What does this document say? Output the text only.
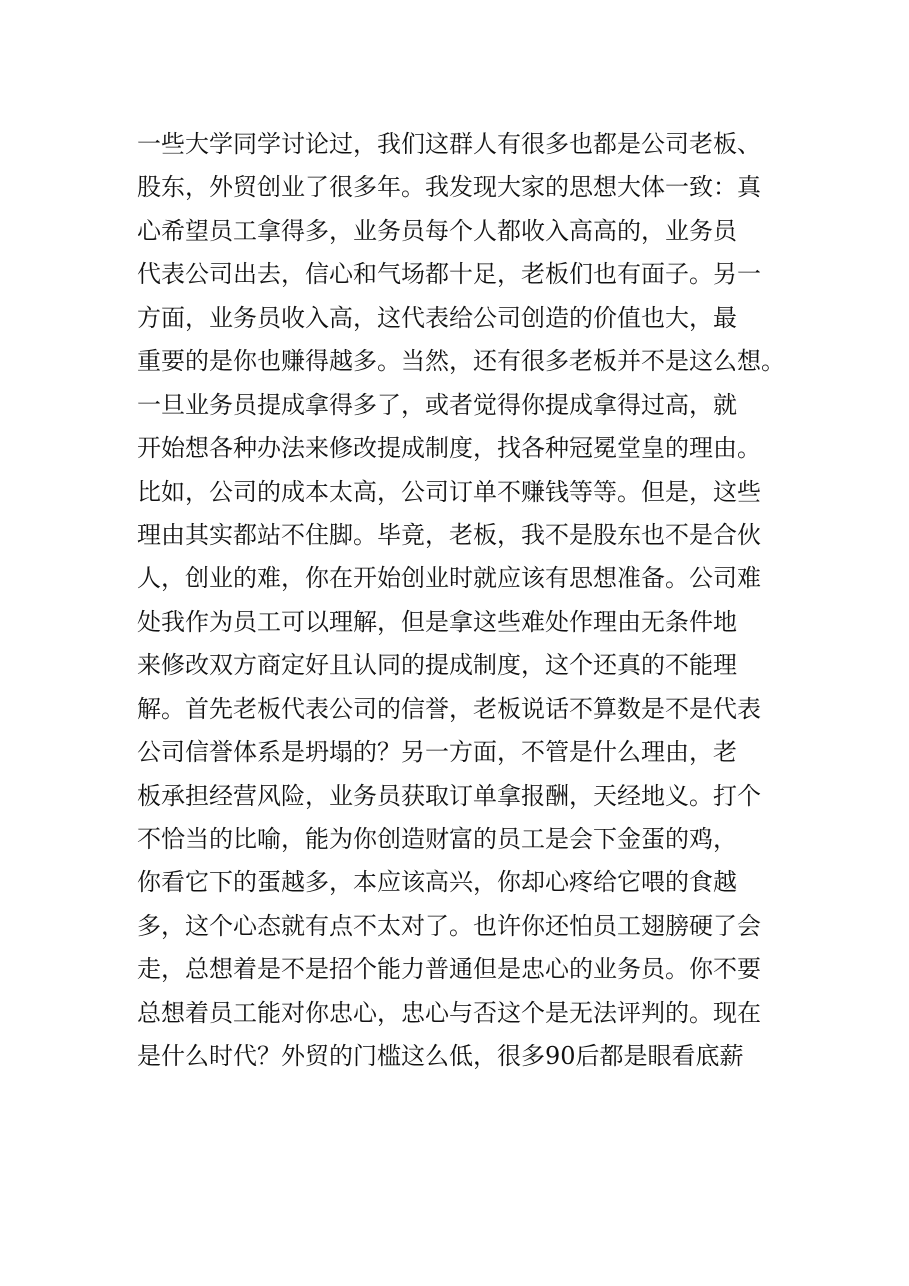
一些大学同学讨论过，我们这群人有很多也都是公司老板、
股东，外贸创业了很多年。我发现大家的思想大体一致：真
心希望员工拿得多，业务员每个人都收入高高的，业务员
代表公司出去，信心和气场都十足，老板们也有面子。另一
方面，业务员收入高，这代表给公司创造的价值也大，最
重要的是你也赚得越多。当然，还有很多老板并不是这么想。
一旦业务员提成拿得多了，或者觉得你提成拿得过高，就
开始想各种办法来修改提成制度，找各种冠冕堂皇的理由。
比如，公司的成本太高，公司订单不赚钱等等。但是，这些
理由其实都站不住脚。毕竟，老板，我不是股东也不是合伙
人，创业的难，你在开始创业时就应该有思想准备。公司难
处我作为员工可以理解，但是拿这些难处作理由无条件地
来修改双方商定好且认同的提成制度，这个还真的不能理
解。首先老板代表公司的信誉，老板说话不算数是不是代表
公司信誉体系是坍塌的？另一方面，不管是什么理由，老
板承担经营风险，业务员获取订单拿报酬，天经地义。打个
不恰当的比喻，能为你创造财富的员工是会下金蛋的鸡，
你看它下的蛋越多，本应该高兴，你却心疼给它喂的食越
多，这个心态就有点不太对了。也许你还怕员工翅膀硬了会
走，总想着是不是招个能力普通但是忠心的业务员。你不要
总想着员工能对你忠心，忠心与否这个是无法评判的。现在
是什么时代？外贸的门槛这么低，很多90后都是眼看底薪
